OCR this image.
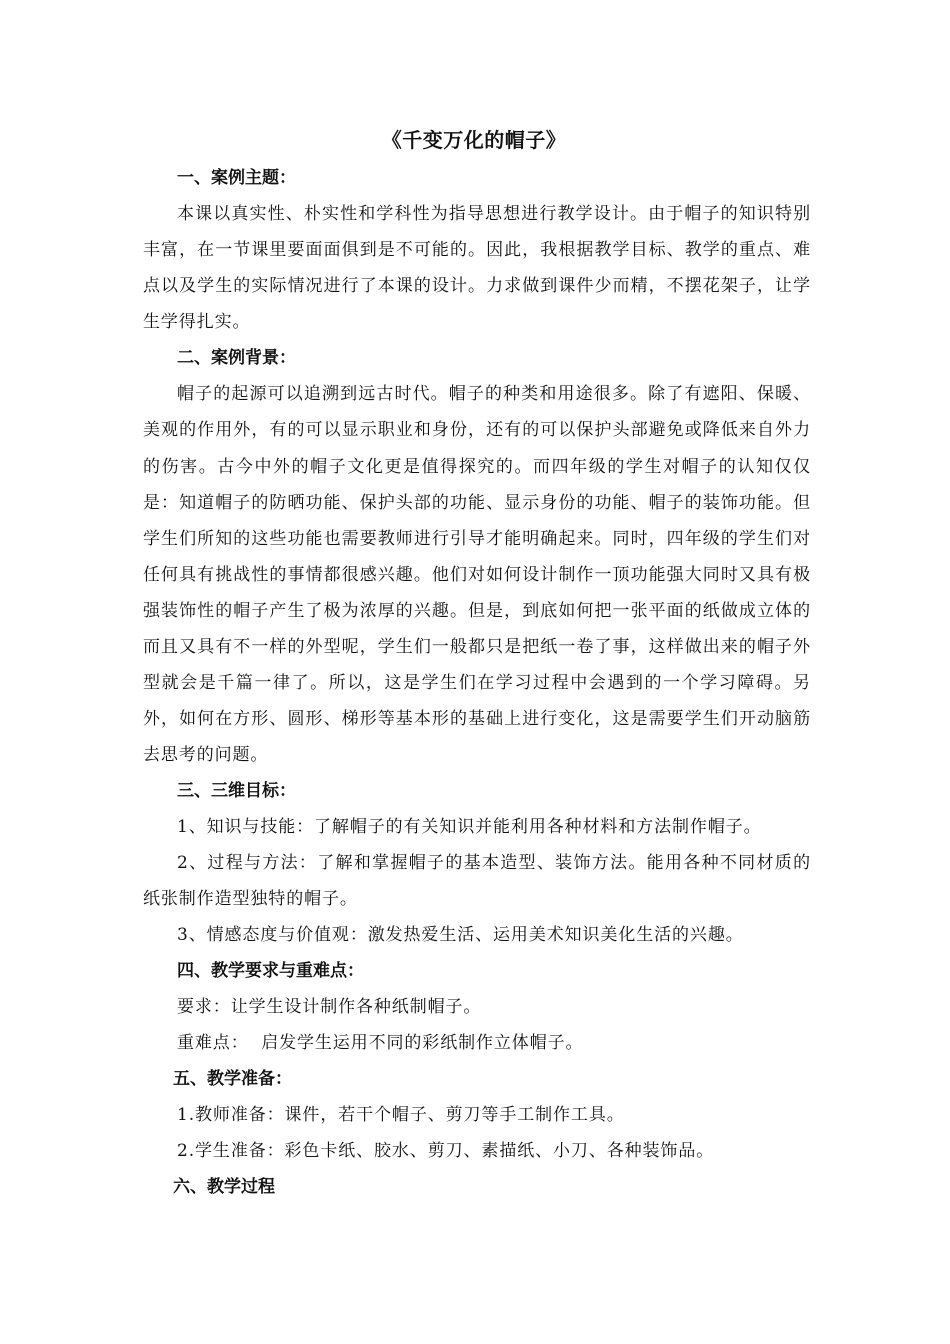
《千变万化的帽子》
一、案例主题：

本课以真实性、朴实性和学科性为指导思想进行教学设计。由于帽子的知识特别丰富，在一节课里要面面俱到是不可能的。因此，我根据教学目标、教学的重点、难点以及学生的实际情况进行了本课的设计。力求做到课件少而精，不摆花架子，让学生学得扎实。

二、案例背景：

帽子的起源可以追溯到远古时代。帽子的种类和用途很多。除了有遮阳、保暖、美观的作用外，有的可以显示职业和身份，还有的可以保护头部避免或降低来自外力的伤害。古今中外的帽子文化更是值得探究的。而四年级的学生对帽子的认知仅仅是：知道帽子的防晒功能、保护头部的功能、显示身份的功能、帽子的装饰功能。但学生们所知的这些功能也需要教师进行引导才能明确起来。同时，四年级的学生们对任何具有挑战性的事情都很感兴趣。他们对如何设计制作一顶功能强大同时又具有极强装饰性的帽子产生了极为浓厚的兴趣。但是，到底如何把一张平面的纸做成立体的而且又具有不一样的外型呢，学生们一般都只是把纸一卷了事，这样做出来的帽子外型就会是千篇一律了。所以，这是学生们在学习过程中会遇到的一个学习障碍。另外，如何在方形、圆形、梯形等基本形的基础上进行变化，这是需要学生们开动脑筋去思考的问题。

三、三维目标：

1、知识与技能：了解帽子的有关知识并能利用各种材料和方法制作帽子。

2、过程与方法：了解和掌握帽子的基本造型、装饰方法。能用各种不同材质的纸张制作造型独特的帽子。

3、情感态度与价值观：激发热爱生活、运用美术知识美化生活的兴趣。

四、教学要求与重难点：

要求：让学生设计制作各种纸制帽子。

重难点：  启发学生运用不同的彩纸制作立体帽子。

五、教学准备：

1.教师准备：课件，若干个帽子、剪刀等手工制作工具。

2.学生准备：彩色卡纸、胶水、剪刀、素描纸、小刀、各种装饰品。

六、教学过程
